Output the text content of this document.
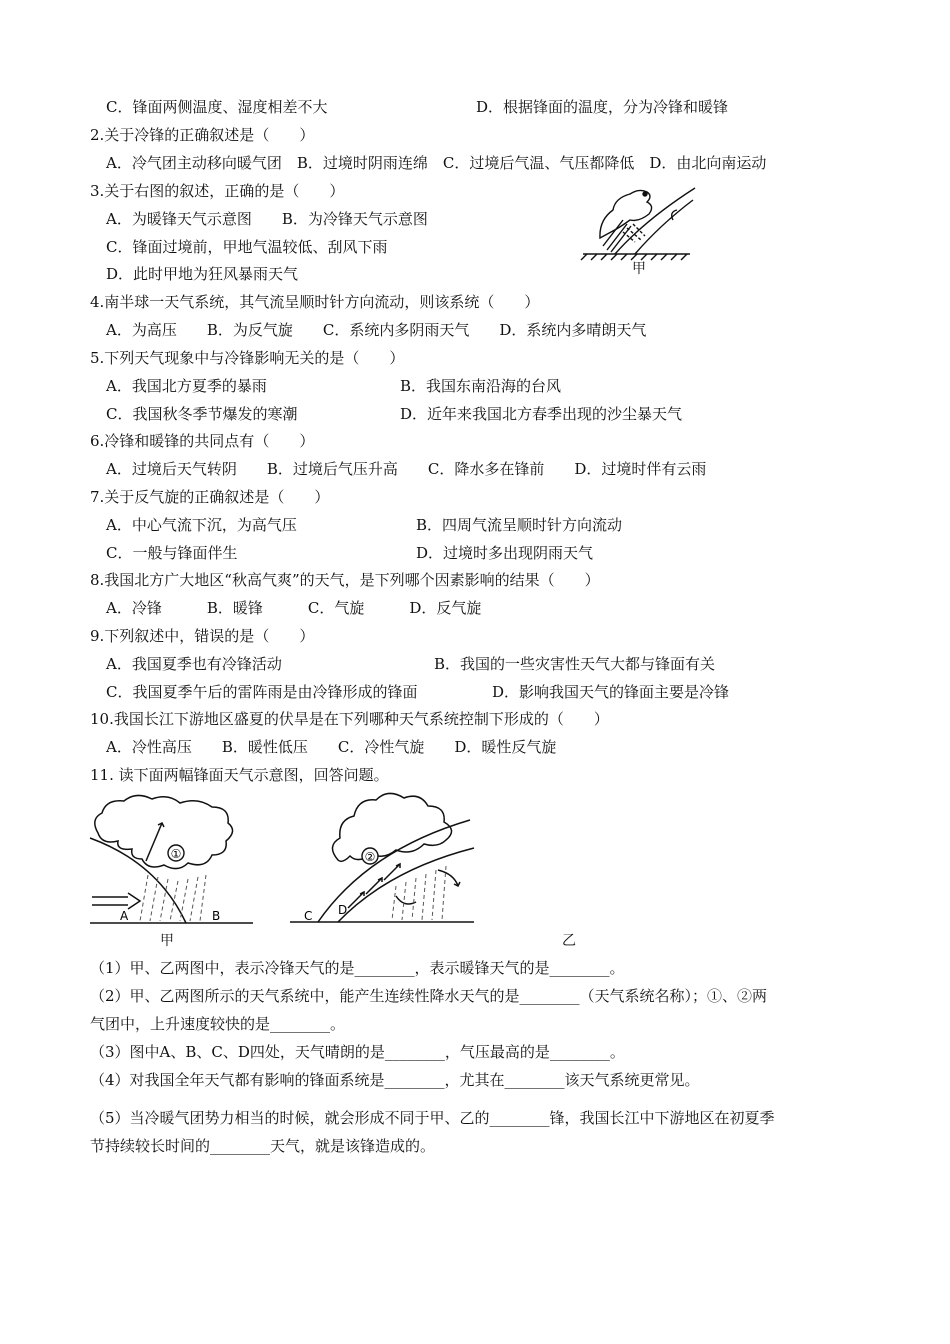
C．锋面两侧温度、湿度相差不大	D．根据锋面的温度，分为冷锋和暖锋
2.关于冷锋的正确叙述是（　　）
A．冷气团主动移向暖气团　B．过境时阴雨连绵　C．过境后气温、气压都降低　D．由北向南运动
3.关于右图的叙述，正确的是（　　）
A．为暖锋天气示意图　　B．为冷锋天气示意图
C．锋面过境前，甲地气温较低、刮风下雨
D．此时甲地为狂风暴雨天气	甲
4.南半球一天气系统，其气流呈顺时针方向流动，则该系统（　　）
A．为高压　　B．为反气旋　　C．系统内多阴雨天气　　D．系统内多晴朗天气
5.下列天气现象中与冷锋影响无关的是（　　）
A．我国北方夏季的暴雨	B．我国东南沿海的台风
C．我国秋冬季节爆发的寒潮	D．近年来我国北方春季出现的沙尘暴天气
6.冷锋和暖锋的共同点有（　　）
A．过境后天气转阴　　B．过境后气压升高　　C．降水多在锋前　　D．过境时伴有云雨
7.关于反气旋的正确叙述是（　　）
A．中心气流下沉，为高气压	B．四周气流呈顺时针方向流动
C．一般与锋面伴生	D．过境时多出现阴雨天气
8.我国北方广大地区“秋高气爽”的天气，是下列哪个因素影响的结果（　　）
A．冷锋　　　B．暖锋　　　C．气旋　　　D．反气旋
9.下列叙述中，错误的是（　　）
A．我国夏季也有冷锋活动	B．我国的一些灾害性天气大都与锋面有关
C．我国夏季午后的雷阵雨是由冷锋形成的锋面	D．影响我国天气的锋面主要是冷锋
10.我国长江下游地区盛夏的伏旱是在下列哪种天气系统控制下形成的（　　）
A．冷性高压　　B．暖性低压　　C．冷性气旋　　D．暖性反气旋
11. 读下面两幅锋面天气示意图，回答问题。
①
A	B
甲
②
C D
乙
（1）甲、乙两图中，表示冷锋天气的是________，表示暖锋天气的是________。
（2）甲、乙两图所示的天气系统中，能产生连续性降水天气的是________（天气系统名称）；①、②两
气团中，上升速度较快的是________。
（3）图中A、B、C、D四处，天气晴朗的是________，气压最高的是________。
（4）对我国全年天气都有影响的锋面系统是________，尤其在________该天气系统更常见。
（5）当冷暖气团势力相当的时候，就会形成不同于甲、乙的________锋，我国长江中下游地区在初夏季
节持续较长时间的________天气，就是该锋造成的。
